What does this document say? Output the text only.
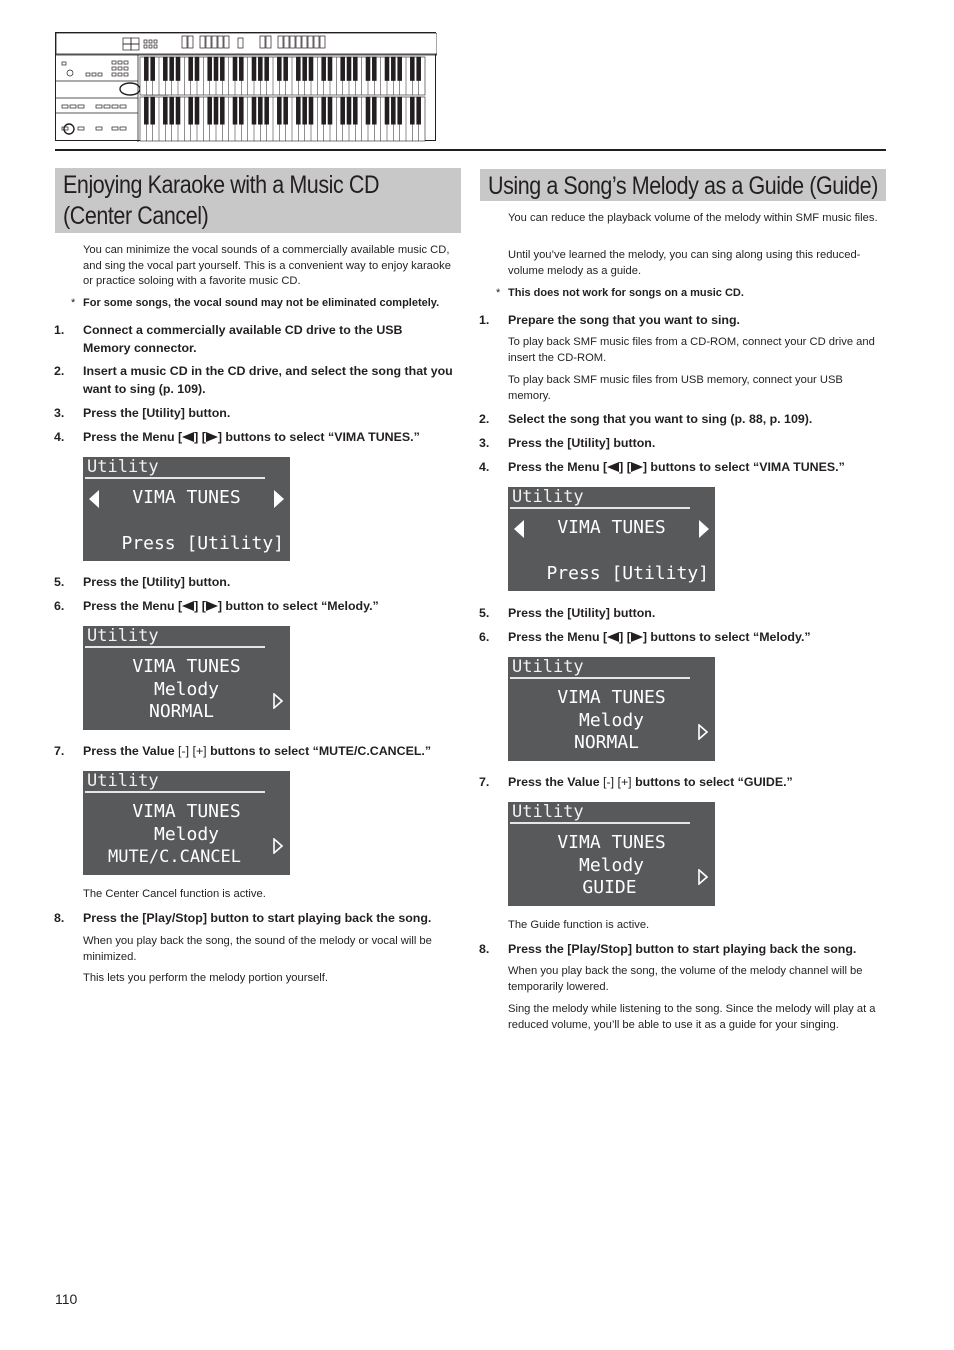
Enjoying Karaoke with a Music CD
(Center Cancel)
You can minimize the vocal sounds of a commercially available music CD, and sing the vocal part yourself. This is a convenient way to enjoy karaoke or practice soloing with a favorite music CD.
* For some songs, the vocal sound may not be eliminated completely.
1. Connect a commercially available CD drive to the USB Memory connector.
2. Insert a music CD in the CD drive, and select the song that you want to sing (p. 109).
3. Press the [Utility] button.
4. Press the Menu [ ] [ ] buttons to select “VIMA TUNES.”
Utility
VIMA TUNES
Press [Utility]
5. Press the [Utility] button.
6. Press the Menu [ ] [ ] button to select “Melody.”
Utility
VIMA TUNES
Melody
NORMAL
7. Press the Value [-] [+] buttons to select “MUTE/C.CANCEL.”
Utility
VIMA TUNES
Melody
MUTE/C.CANCEL
The Center Cancel function is active.
8. Press the [Play/Stop] button to start playing back the song.
When you play back the song, the sound of the melody or vocal will be minimized.
This lets you perform the melody portion yourself.
Using a Song’s Melody as a Guide (Guide)
You can reduce the playback volume of the melody within SMF music files.
Until you’ve learned the melody, you can sing along using this reduced-volume melody as a guide.
* This does not work for songs on a music CD.
1. Prepare the song that you want to sing.
To play back SMF music files from a CD-ROM, connect your CD drive and insert the CD-ROM.
To play back SMF music files from USB memory, connect your USB memory.
2. Select the song that you want to sing (p. 88, p. 109).
3. Press the [Utility] button.
4. Press the Menu [ ] [ ] buttons to select “VIMA TUNES.”
Utility
VIMA TUNES
Press [Utility]
5. Press the [Utility] button.
6. Press the Menu [ ] [ ] buttons to select “Melody.”
Utility
VIMA TUNES
Melody
NORMAL
7. Press the Value [-] [+] buttons to select “GUIDE.”
Utility
VIMA TUNES
Melody
GUIDE
The Guide function is active.
8. Press the [Play/Stop] button to start playing back the song.
When you play back the song, the volume of the melody channel will be temporarily lowered.
Sing the melody while listening to the song. Since the melody will play at a reduced volume, you’ll be able to use it as a guide for your singing.
110
